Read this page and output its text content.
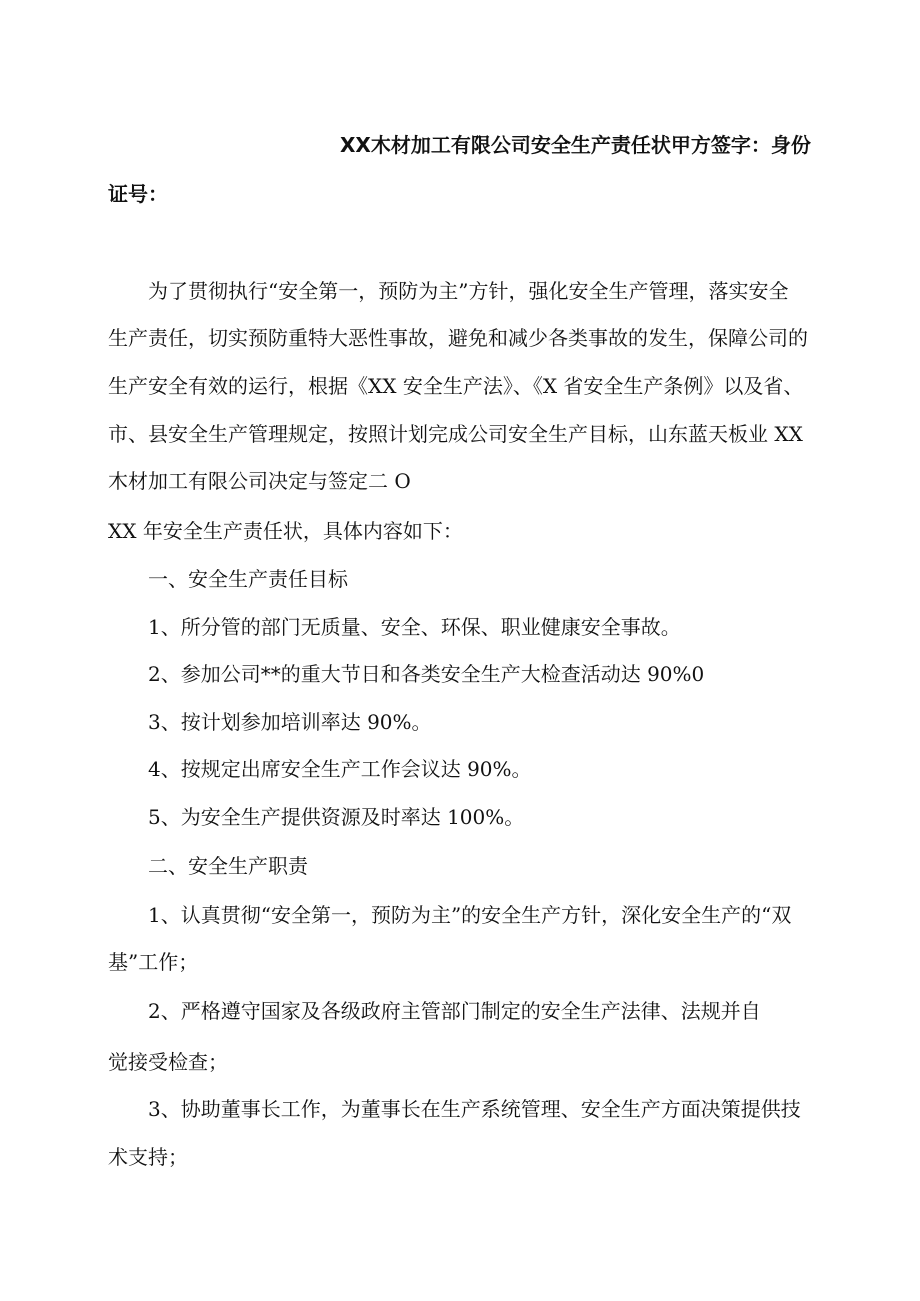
XX木材加工有限公司安全生产责任状甲方签字：身份
证号：
为了贯彻执行“安全第一，预防为主”方针，强化安全生产管理，落实安全
生产责任，切实预防重特大恶性事故，避免和减少各类事故的发生，保障公司的
生产安全有效的运行，根据《XX 安全生产法》、《X 省安全生产条例》以及省、
市、县安全生产管理规定，按照计划完成公司安全生产目标，山东蓝天板业 XX
木材加工有限公司决定与签定二 O
XX 年安全生产责任状，具体内容如下：
一、安全生产责任目标
1、所分管的部门无质量、安全、环保、职业健康安全事故。
2、参加公司**的重大节日和各类安全生产大检查活动达 90%0
3、按计划参加培训率达 90%。
4、按规定出席安全生产工作会议达 90%。
5、为安全生产提供资源及时率达 100%。
二、安全生产职责
1、认真贯彻“安全第一，预防为主”的安全生产方针，深化安全生产的“双
基”工作；
2、严格遵守国家及各级政府主管部门制定的安全生产法律、法规并自
觉接受检查；
3、协助董事长工作，为董事长在生产系统管理、安全生产方面决策提供技
术支持；
